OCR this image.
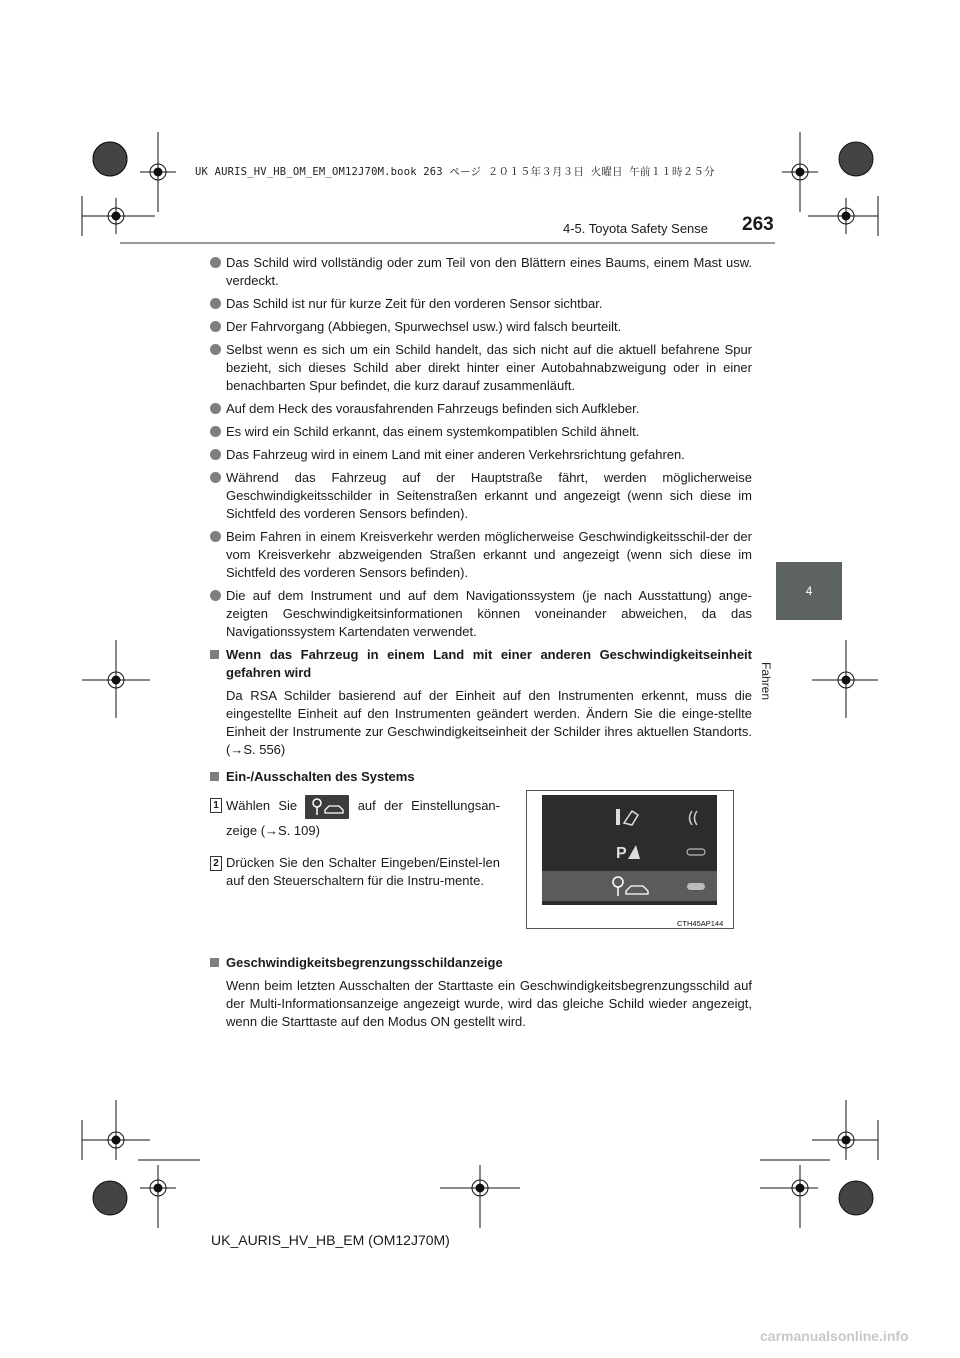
UK AURIS_HV_HB_OM_EM_OM12J70M.book 263 ページ ２０１５年３月３日 火曜日 午前１１時２５分
4-5. Toyota Safety Sense 263
4
Fahren
Das Schild wird vollständig oder zum Teil von den Blättern eines Baums, einem Mast usw. verdeckt.
Das Schild ist nur für kurze Zeit für den vorderen Sensor sichtbar.
Der Fahrvorgang (Abbiegen, Spurwechsel usw.) wird falsch beurteilt.
Selbst wenn es sich um ein Schild handelt, das sich nicht auf die aktuell befahrene Spur bezieht, sich dieses Schild aber direkt hinter einer Autobahnabzweigung oder in einer benachbarten Spur befindet, die kurz darauf zusammenläuft.
Auf dem Heck des vorausfahrenden Fahrzeugs befinden sich Aufkleber.
Es wird ein Schild erkannt, das einem systemkompatiblen Schild ähnelt.
Das Fahrzeug wird in einem Land mit einer anderen Verkehrsrichtung gefahren.
Während das Fahrzeug auf der Hauptstraße fährt, werden möglicherweise Geschwindigkeitsschilder in Seitenstraßen erkannt und angezeigt (wenn sich diese im Sichtfeld des vorderen Sensors befinden).
Beim Fahren in einem Kreisverkehr werden möglicherweise Geschwindigkeitsschil-der der vom Kreisverkehr abzweigenden Straßen erkannt und angezeigt (wenn sich diese im Sichtfeld des vorderen Sensors befinden).
Die auf dem Instrument und auf dem Navigationssystem (je nach Ausstattung) ange-zeigten Geschwindigkeitsinformationen können voneinander abweichen, da das Navigationssystem Kartendaten verwendet.
Wenn das Fahrzeug in einem Land mit einer anderen Geschwindigkeitseinheit gefahren wird
Da RSA Schilder basierend auf der Einheit auf den Instrumenten erkennt, muss die eingestellte Einheit auf den Instrumenten geändert werden. Ändern Sie die einge-stellte Einheit der Instrumente zur Geschwindigkeitseinheit der Schilder ihres aktuellen Standorts. (→S. 556)
Ein-/Ausschalten des Systems
1 Wählen Sie	auf der Einstellungsan-zeige (→S. 109)
2 Drücken Sie den Schalter Eingeben/Einstel-len auf den Steuerschaltern für die Instru-mente.
P
CTH45AP144
Geschwindigkeitsbegrenzungsschildanzeige
Wenn beim letzten Ausschalten der Starttaste ein Geschwindigkeitsbegrenzungsschild auf der Multi-Informationsanzeige angezeigt wurde, wird das gleiche Schild wieder angezeigt, wenn die Starttaste auf den Modus ON gestellt wird.
UK_AURIS_HV_HB_EM (OM12J70M)
carmanualsonline.info
